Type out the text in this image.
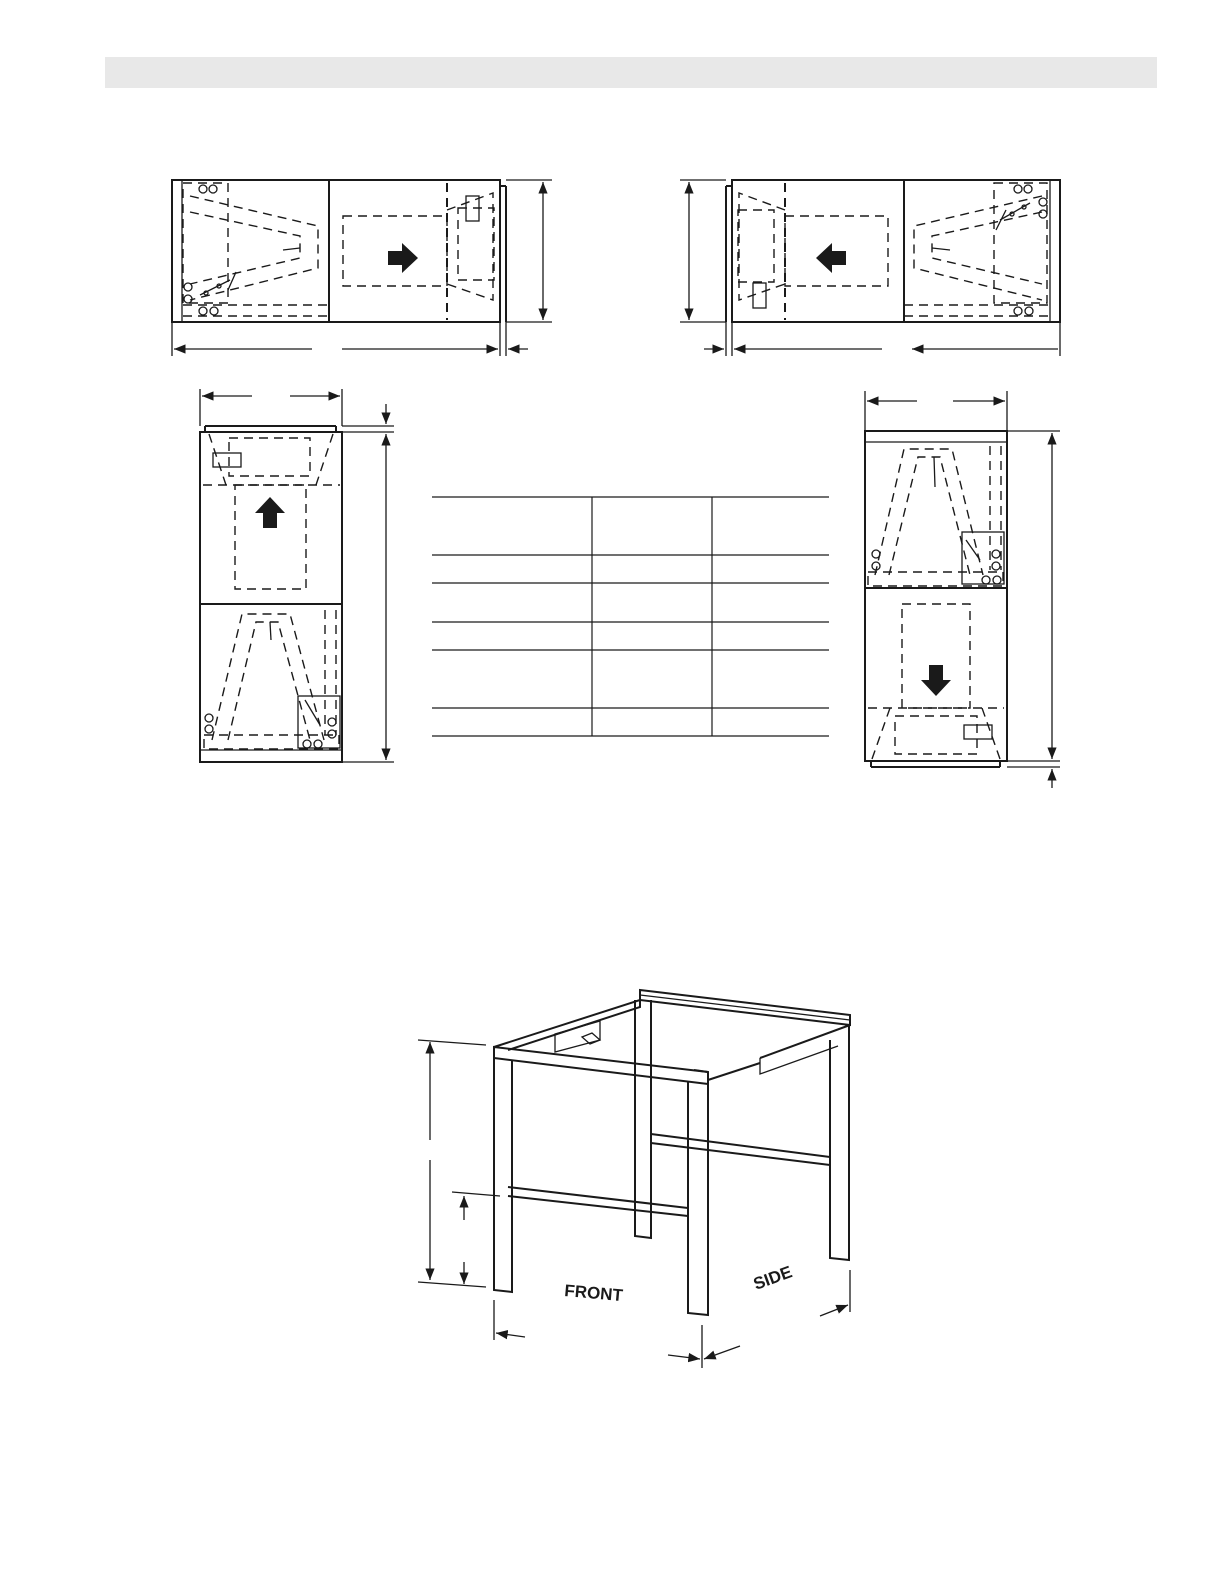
FRONT	SIDE
